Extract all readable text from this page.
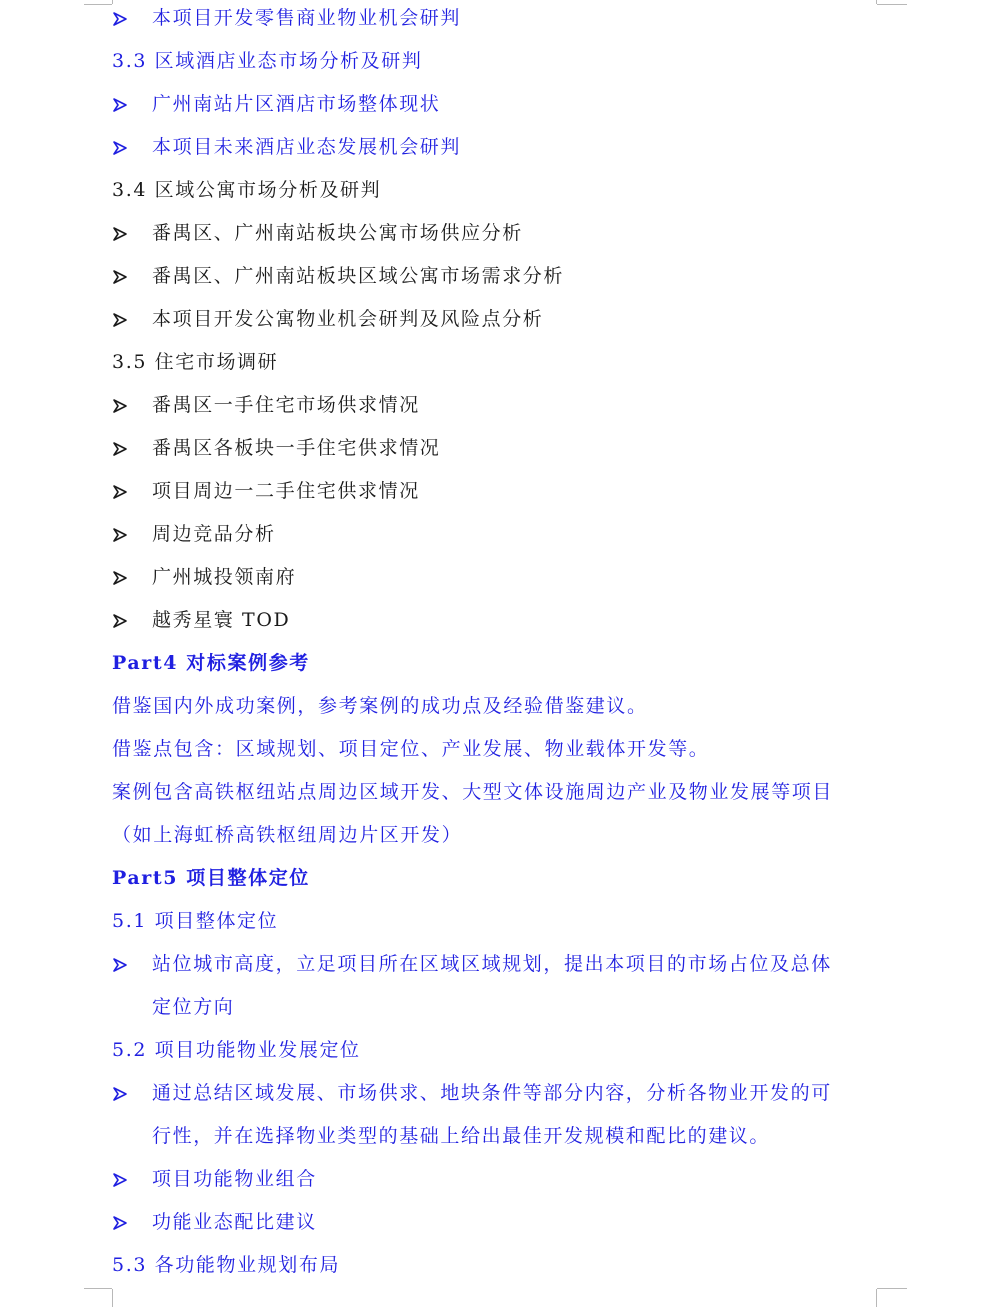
本项目开发零售商业物业机会研判
3.3 区域酒店业态市场分析及研判
广州南站片区酒店市场整体现状
本项目未来酒店业态发展机会研判
3.4 区域公寓市场分析及研判
番禺区、广州南站板块公寓市场供应分析
番禺区、广州南站板块区域公寓市场需求分析
本项目开发公寓物业机会研判及风险点分析
3.5 住宅市场调研
番禺区一手住宅市场供求情况
番禺区各板块一手住宅供求情况
项目周边一二手住宅供求情况
周边竞品分析
广州城投领南府
越秀星寰 TOD
Part4 对标案例参考
借鉴国内外成功案例，参考案例的成功点及经验借鉴建议。
借鉴点包含：区域规划、项目定位、产业发展、物业载体开发等。
案例包含高铁枢纽站点周边区域开发、大型文体设施周边产业及物业发展等项目
（如上海虹桥高铁枢纽周边片区开发）
Part5 项目整体定位
5.1 项目整体定位
站位城市高度，立足项目所在区域区域规划，提出本项目的市场占位及总体
定位方向
5.2 项目功能物业发展定位
通过总结区域发展、市场供求、地块条件等部分内容，分析各物业开发的可
行性，并在选择物业类型的基础上给出最佳开发规模和配比的建议。
项目功能物业组合
功能业态配比建议
5.3 各功能物业规划布局
